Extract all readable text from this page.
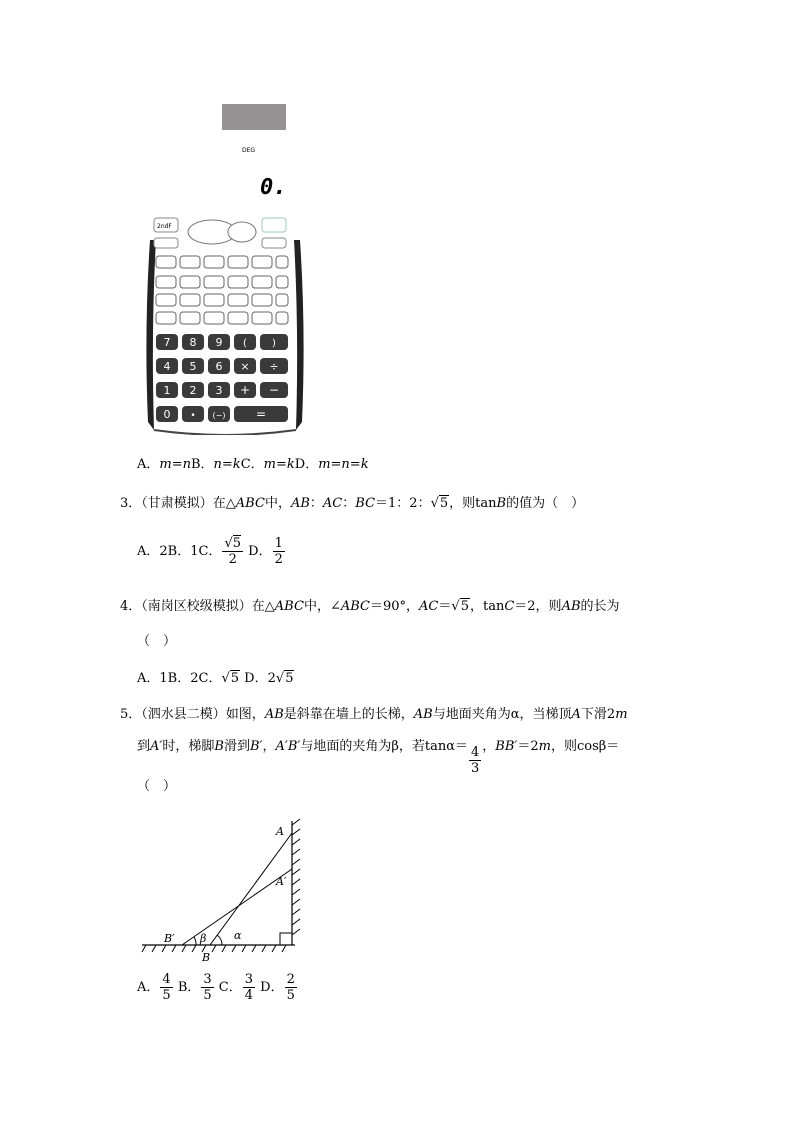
DEG
0.
2ndF
7 8 9 (	)
4 5 6 × ÷
1 2 3 + −
0 • (−)	=
A．m=nB．n=kC．m=kD．m=n=k
3．（甘肃模拟）在△ABC中，AB：AC：BC＝1：2：√5，则tanB的值为（　）
A．2B．1C． $\frac{√5}{2}$ D． $\frac{1}{2}$
4．（南岗区校级模拟）在△ABC中，∠ABC＝90°，AC＝√5，tanC＝2，则AB的长为
（　）
A．1B．2C．√5 D．2√5
5．（泗水县二模）如图，AB是斜靠在墙上的长梯，AB与地面夹角为α，当梯顶A下滑2m
到A′时，梯脚B滑到B′，A′B′与地面的夹角为β，若$\tan\alpha= \frac{4}{3}$ ，BB′＝2m，则cosβ＝
（　）
A
A′
B′
B
β	α
A． $\frac{4}{5}$ B． $\frac{3}{5}$ C． $\frac{3}{4}$ D． $\frac{2}{5}$
